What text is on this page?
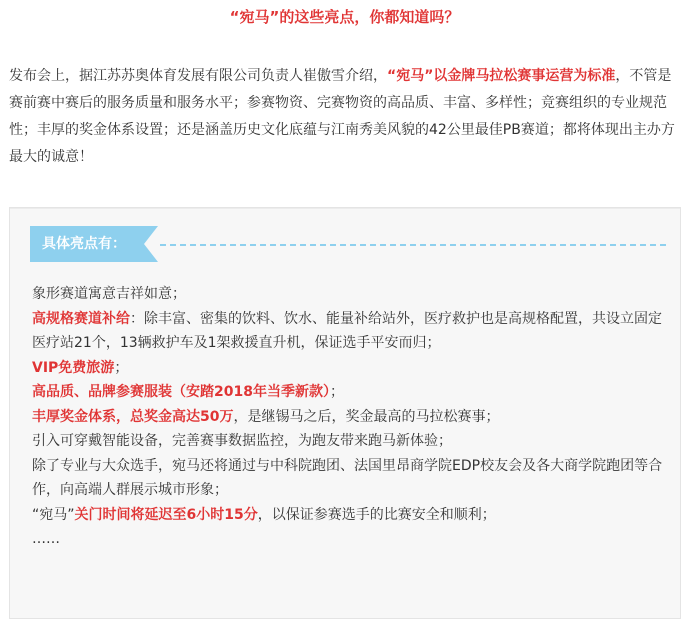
“宛马”的这些亮点，你都知道吗？
发布会上，据江苏苏奥体育发展有限公司负责人崔傲雪介绍，“宛马”以金牌马拉松赛事运营为标准，不管是赛前赛中赛后的服务质量和服务水平；参赛物资、完赛物资的高品质、丰富、多样性；竞赛组织的专业规范性；丰厚的奖金体系设置；还是涵盖历史文化底蕴与江南秀美风貌的42公里最佳PB赛道；都将体现出主办方最大的诚意！
具体亮点有：

象形赛道寓意吉祥如意；

高规格赛道补给：除丰富、密集的饮料、饮水、能量补给站外，医疗救护也是高规格配置，共设立固定医疗站21个，13辆救护车及1架救援直升机，保证选手平安而归；

VIP免费旅游；

高品质、品牌参赛服装（安踏2018年当季新款）；

丰厚奖金体系，总奖金高达50万，是继锡马之后，奖金最高的马拉松赛事；

引入可穿戴智能设备，完善赛事数据监控，为跑友带来跑马新体验；

除了专业与大众选手，宛马还将通过与中科院跑团、法国里昂商学院EDP校友会及各大商学院跑团等合作，向高端人群展示城市形象；

“宛马”关门时间将延迟至6小时15分，以保证参赛选手的比赛安全和顺利；

……
